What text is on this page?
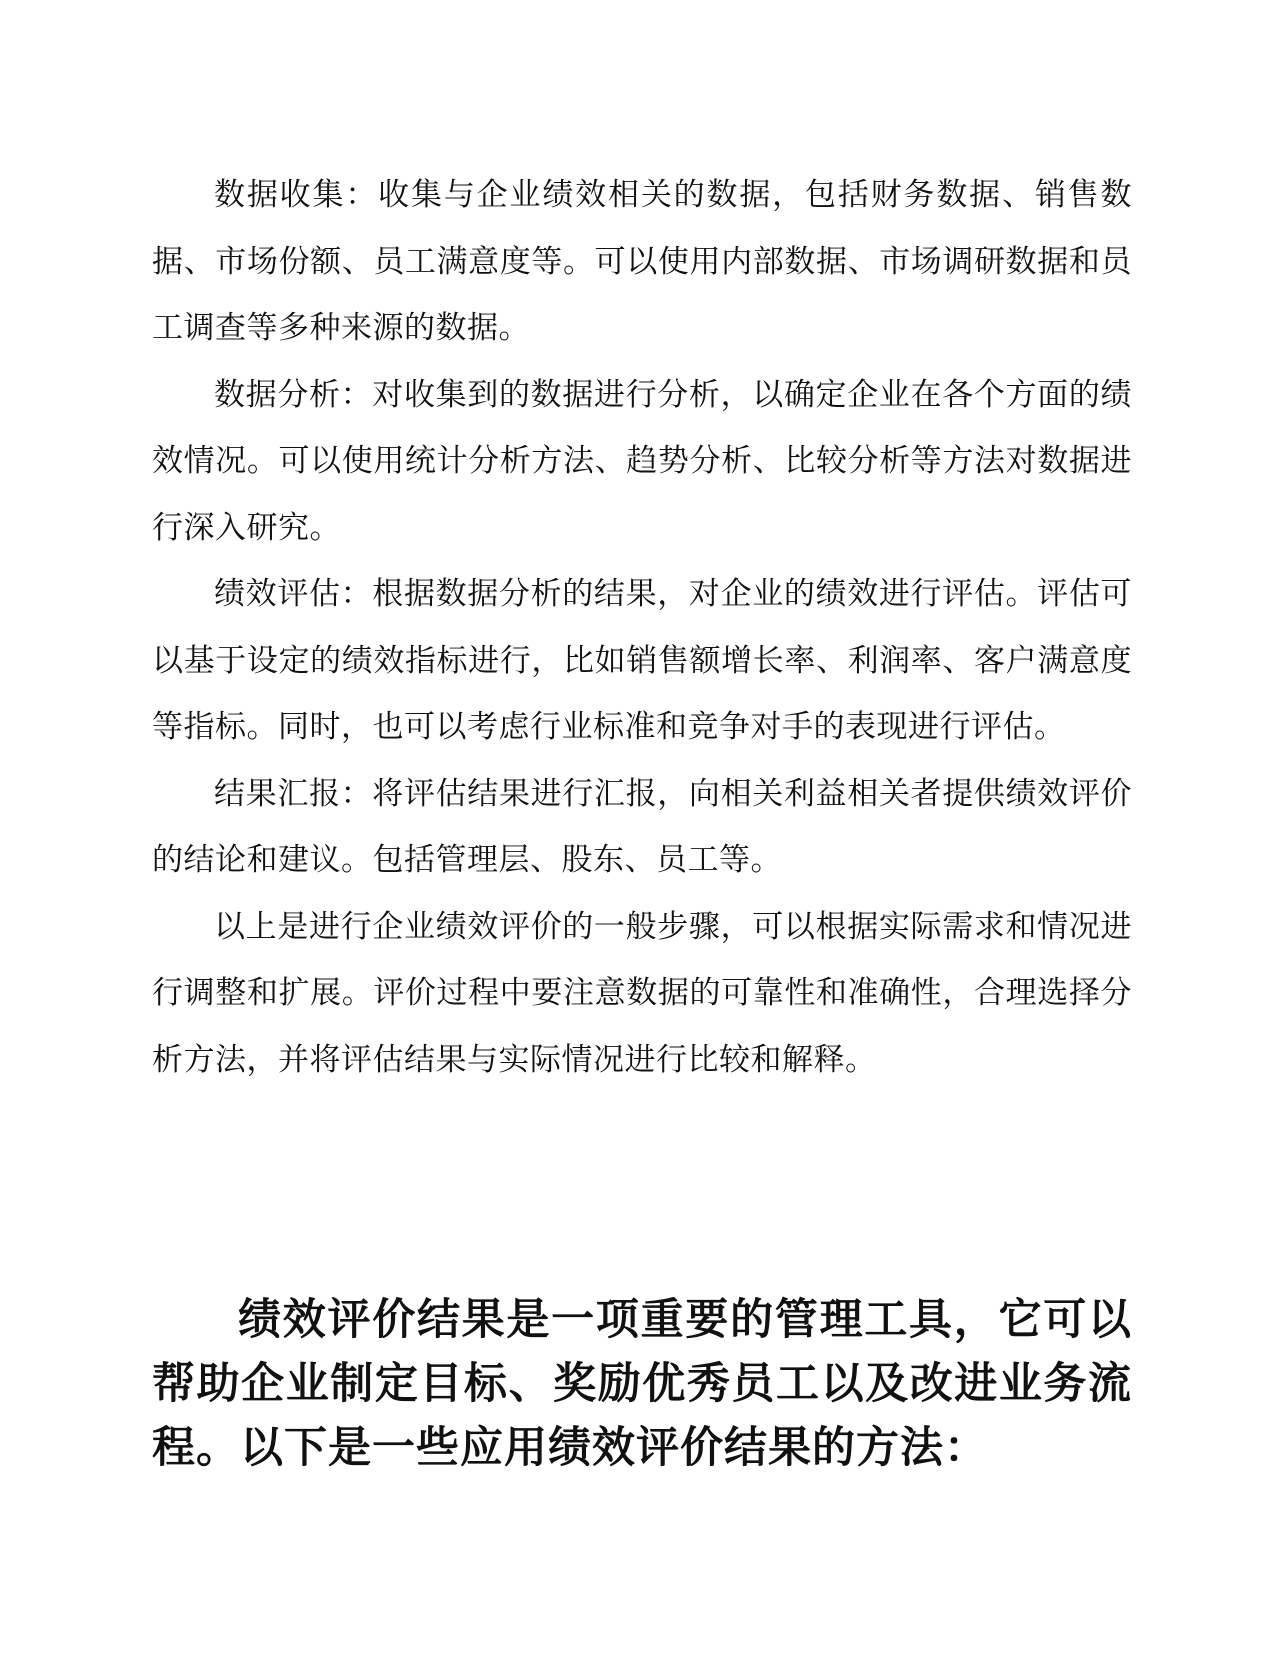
数据收集：收集与企业绩效相关的数据，包括财务数据、销售数据、市场份额、员工满意度等。可以使用内部数据、市场调研数据和员工调查等多种来源的数据。

数据分析：对收集到的数据进行分析，以确定企业在各个方面的绩效情况。可以使用统计分析方法、趋势分析、比较分析等方法对数据进行深入研究。

绩效评估：根据数据分析的结果，对企业的绩效进行评估。评估可以基于设定的绩效指标进行，比如销售额增长率、利润率、客户满意度等指标。同时，也可以考虑行业标准和竞争对手的表现进行评估。

结果汇报：将评估结果进行汇报，向相关利益相关者提供绩效评价的结论和建议。包括管理层、股东、员工等。

以上是进行企业绩效评价的一般步骤，可以根据实际需求和情况进行调整和扩展。评价过程中要注意数据的可靠性和准确性，合理选择分析方法，并将评估结果与实际情况进行比较和解释。

绩效评价结果是一项重要的管理工具，它可以帮助企业制定目标、奖励优秀员工以及改进业务流程。以下是一些应用绩效评价结果的方法：
